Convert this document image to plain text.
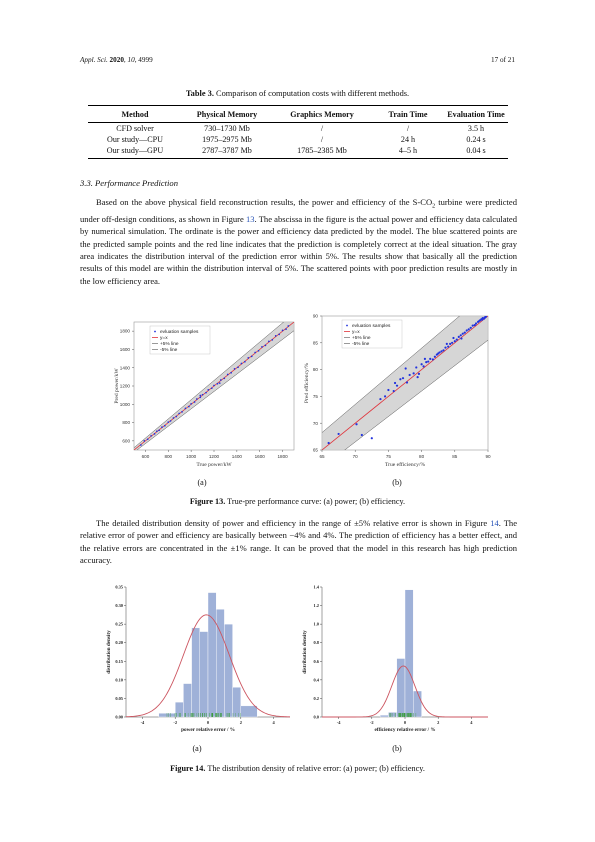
Appl. Sci. 2020, 10, 4999	17 of 21
Table 3. Comparison of computation costs with different methods.
Method	Physical Memory	Graphics Memory	Train Time	Evaluation Time
CFD solver	730–1730 Mb	/	/	3.5 h
Our study—CPU	1975–2975 Mb	/	24 h	0.24 s
Our study—GPU	2787–3787 Mb	1785–2385 Mb	4–5 h	0.04 s
3.3. Performance Prediction
Based on the above physical field reconstruction results, the power and efficiency of the $S-CO_2$ turbine were predicted under off-design conditions, as shown in Figure 13. The abscissa in the figure is the actual power and efficiency data calculated by numerical simulation. The ordinate is the power and efficiency data predicted by the model. The blue scattered points are the predicted sample points and the red line indicates that the prediction is completely correct at the ideal situation. The gray area indicates the distribution interval of the prediction error within 5%. The results show that basically all the prediction results of this model are within the distribution interval of 5%. The scattered points with poor prediction results are mostly in the low efficiency area.
600	800	1000	1200	1400	1600	1800
600
800
1000
1200
1400
1600
1800
True power/kW
Pred power/kW
evluation samples
y=x
+5% line
-5% line
65	70	75	80	85	90
65
70
75
80
85
90
True efficiency/%
Pred efficiency/%
evluation samples
y=x
+5% line
-5% line
(a)	(b)
Figure 13. True-pre performance curve: (a) power; (b) efficiency.
The detailed distribution density of power and efficiency in the range of ±5% relative error is shown in Figure 14. The relative error of power and efficiency are basically between −4% and 4%. The prediction of efficiency has a better effect, and the relative errors are concentrated in the ±1% range. It can be proved that the model in this research has high prediction accuracy.
-4	-2	0	2	4
0.00
0.05
0.10
0.15
0.20
0.25
0.30
0.35
power relative error / %
distribution density
-4	-2	0	2	4
0.0
0.2
0.4
0.6
0.8
1.0
1.2
1.4
efficiency relative error / %
distribution density
(a)	(b)
Figure 14. The distribution density of relative error: (a) power; (b) efficiency.
